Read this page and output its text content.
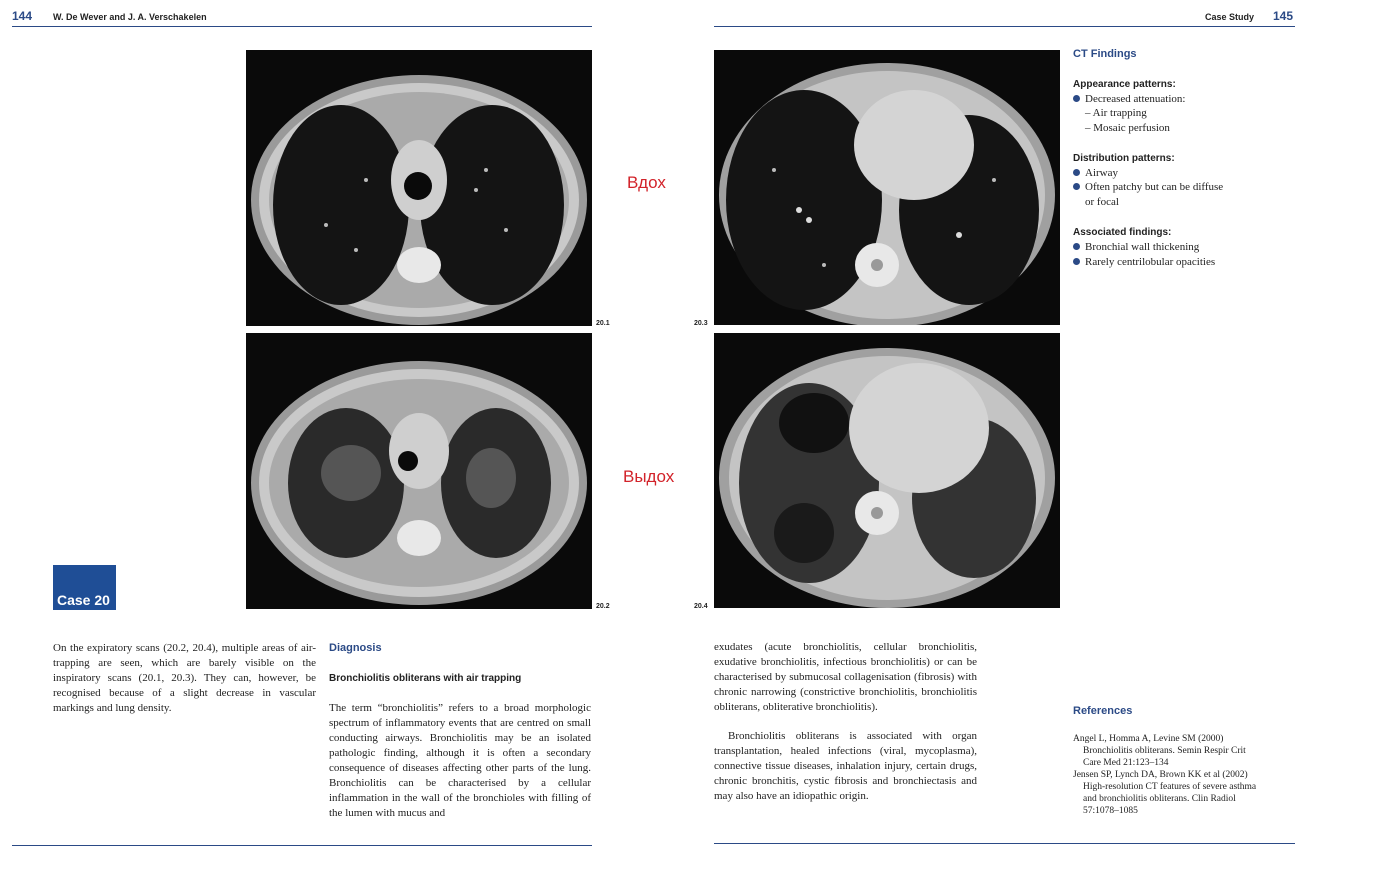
144 W. De Wever and J. A. Verschakelen	Case Study 145
20.1
20.2
20.3
20.4
Вдох
Выдох
Case 20
On the expiratory scans (20.2, 20.4), multiple areas of air-trapping are seen, which are barely visible on the inspiratory scans (20.1, 20.3). They can, however, be recognised because of a slight decrease in vascular markings and lung density.
Diagnosis
Bronchiolitis obliterans with air trapping
The term “bronchiolitis” refers to a broad morphologic spectrum of inflammatory events that are centred on small conducting airways. Bronchiolitis may be an isolated pathologic finding, although it is often a secondary consequence of diseases affecting other parts of the lung. Bronchiolitis can be characterised by a cellular inflammation in the wall of the bronchioles with filling of the lumen with mucus and
exudates (acute bronchiolitis, cellular bronchiolitis, exudative bronchiolitis, infectious bronchiolitis) or can be characterised by submucosal collagenisation (fibrosis) with chronic narrowing (constrictive bronchiolitis, bronchiolitis obliterans, obliterative bronchiolitis).
Bronchiolitis obliterans is associated with organ transplantation, healed infections (viral, mycoplasma), connective tissue diseases, inhalation injury, certain drugs, chronic bronchitis, cystic fibrosis and bronchiectasis and may also have an idiopathic origin.
CT Findings
Appearance patterns:
Decreased attenuation:
– Air trapping
– Mosaic perfusion
Distribution patterns:
Airway
Often patchy but can be diffuse
or focal
Associated findings:
Bronchial wall thickening
Rarely centrilobular opacities
References
Angel L, Homma A, Levine SM (2000) Bronchiolitis obliterans. Semin Respir Crit Care Med 21:123–134
Jensen SP, Lynch DA, Brown KK et al (2002) High-resolution CT features of severe asthma and bronchiolitis obliterans. Clin Radiol 57:1078–1085
